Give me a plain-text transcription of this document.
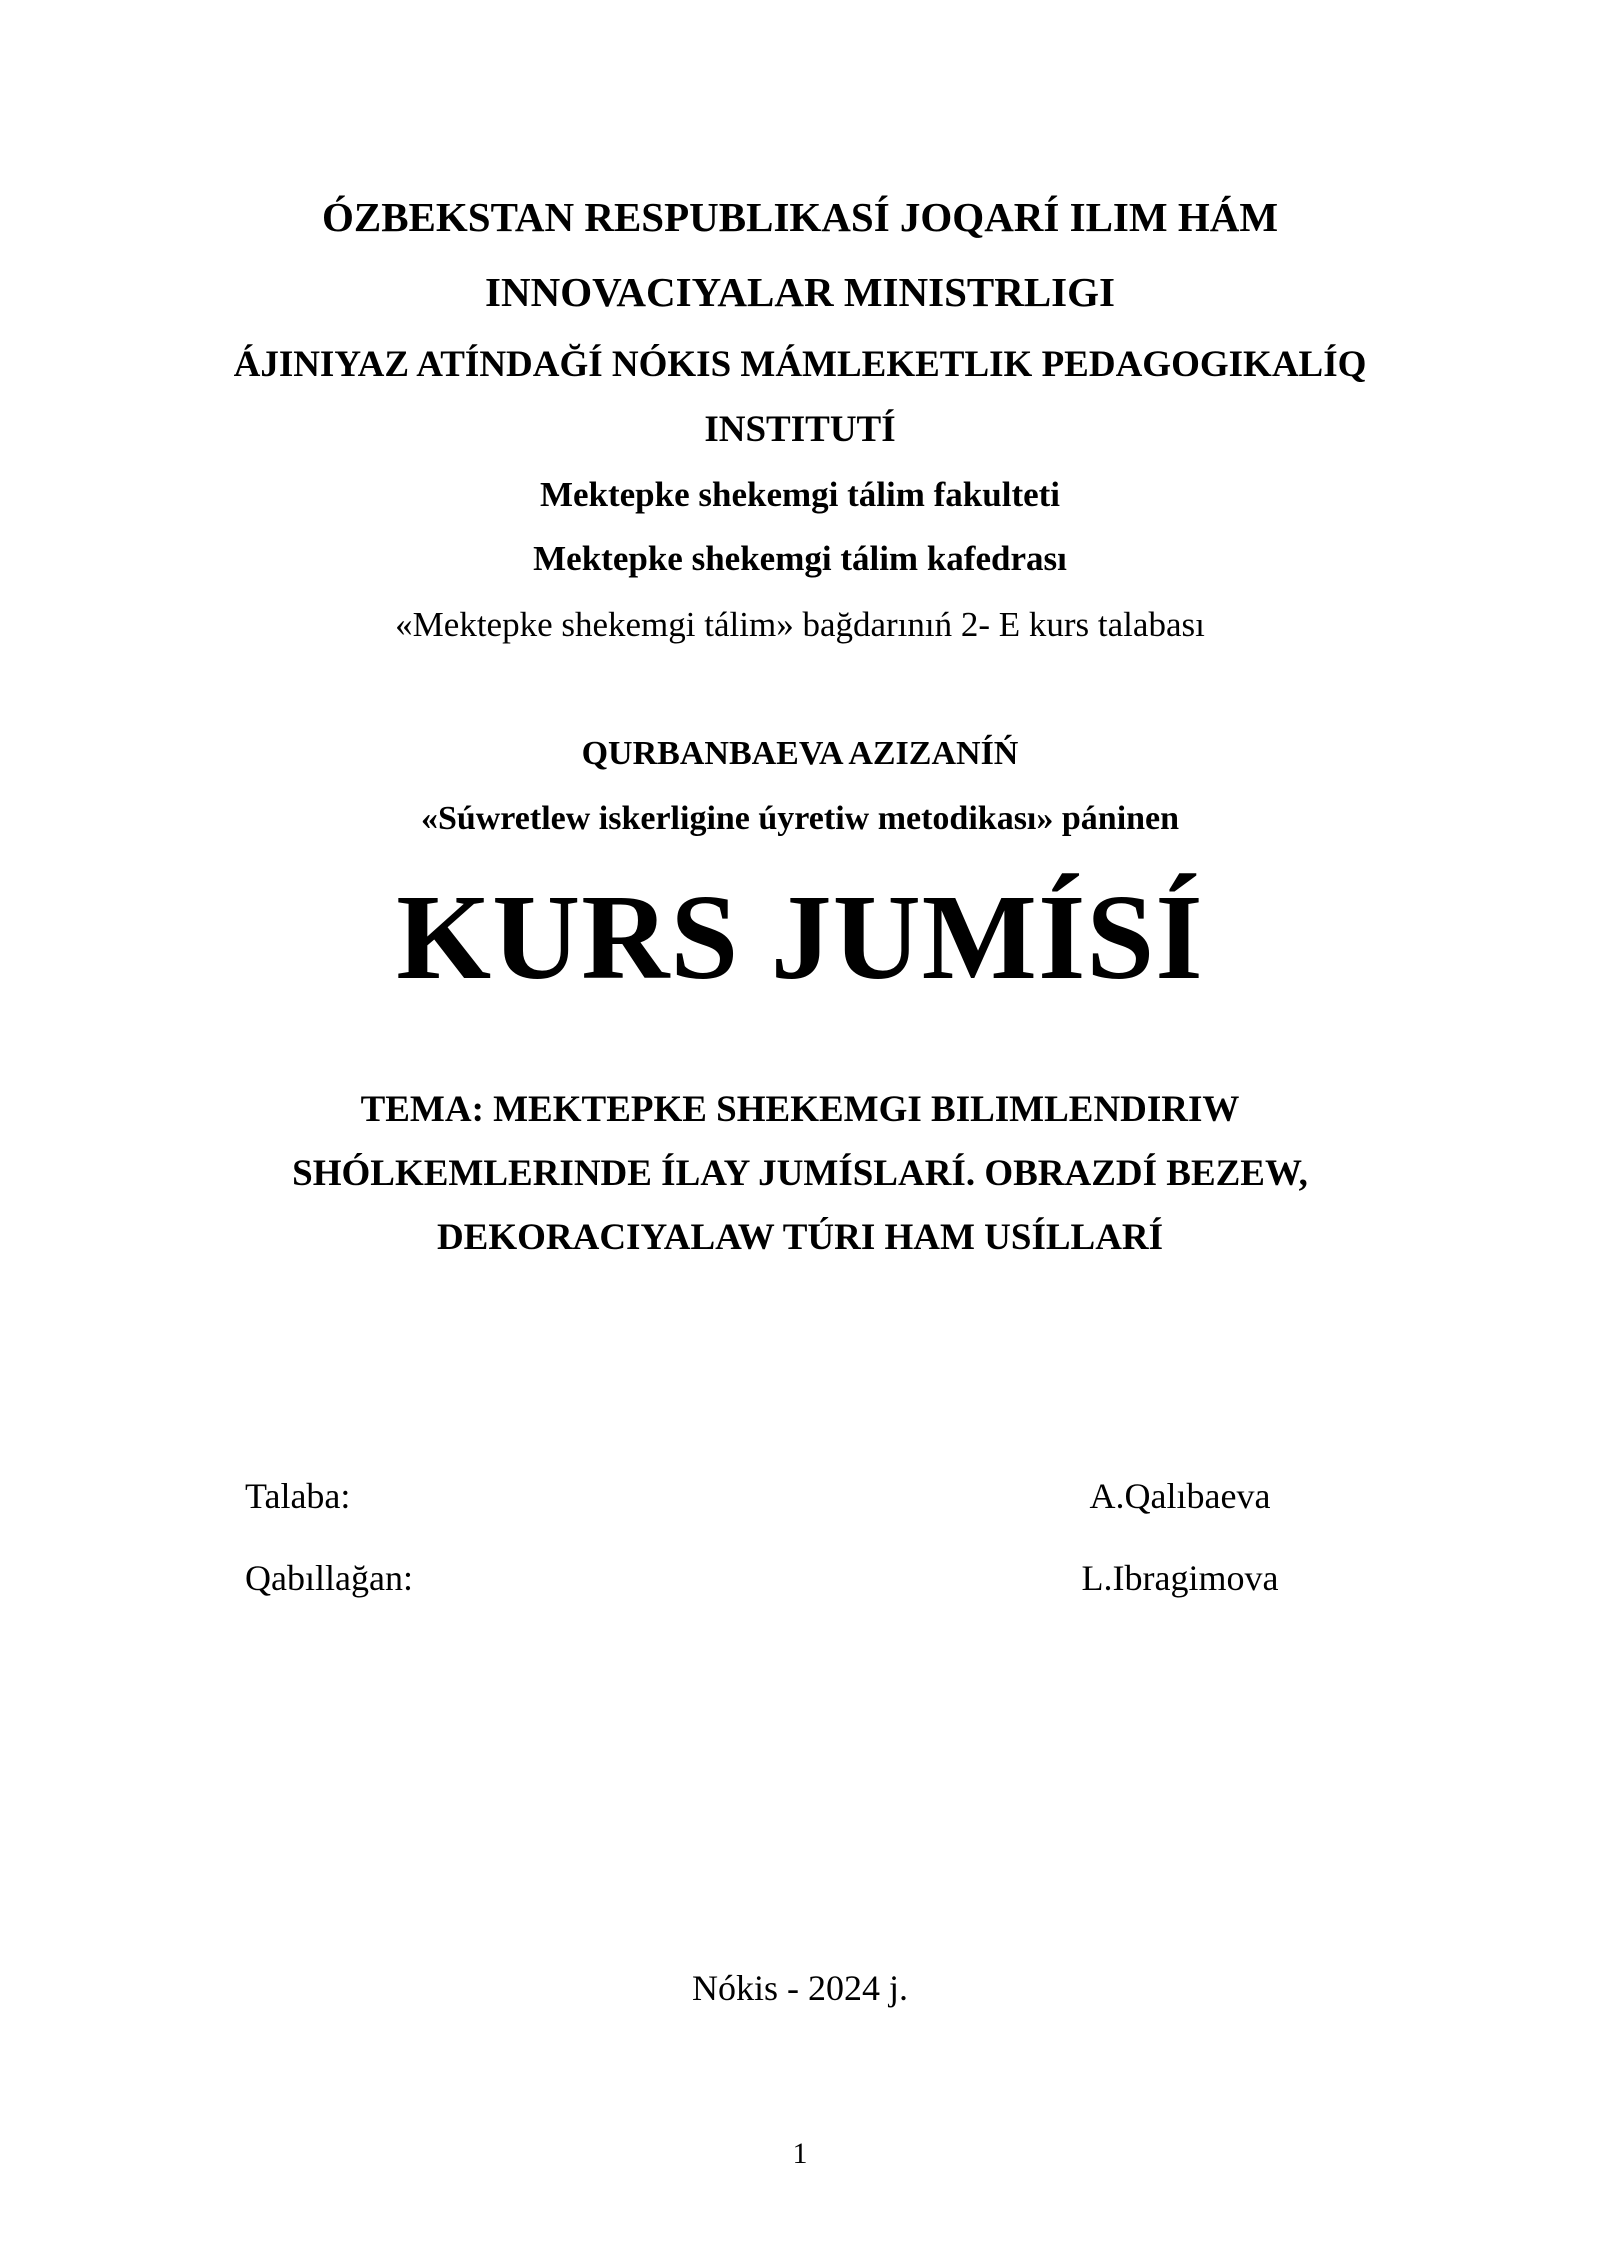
ÓZBEKSTAN RESPUBLIKASÍ JOQARÍ ILIM HÁM
INNOVACIYALAR MINISTRLIGI
ÁJINIYAZ ATÍNDAĞÍ NÓKIS MÁMLEKETLIK PEDAGOGIKALÍQ
INSTITUTÍ
Mektepke shekemgi tálim fakulteti
Mektepke shekemgi tálim kafedrası
«Mektepke shekemgi tálim» bağdarınıń 2- E kurs talabası
QURBANBAEVA AZIZANÍŃ
«Súwretlew iskerligine úyretiw metodikası» páninen
KURS JUMÍSÍ
TEMA: MEKTEPKE SHEKEMGI BILIMLENDIRIW
SHÓLKEMLERINDE ÍLAY JUMÍSLARÍ. OBRAZDÍ BEZEW,
DEKORACIYALAW TÚRI HAM USÍLLARÍ
Talaba:	A.Qalıbaeva
Qabıllağan:	L.Ibragimova
Nókis - 2024 j.
1
